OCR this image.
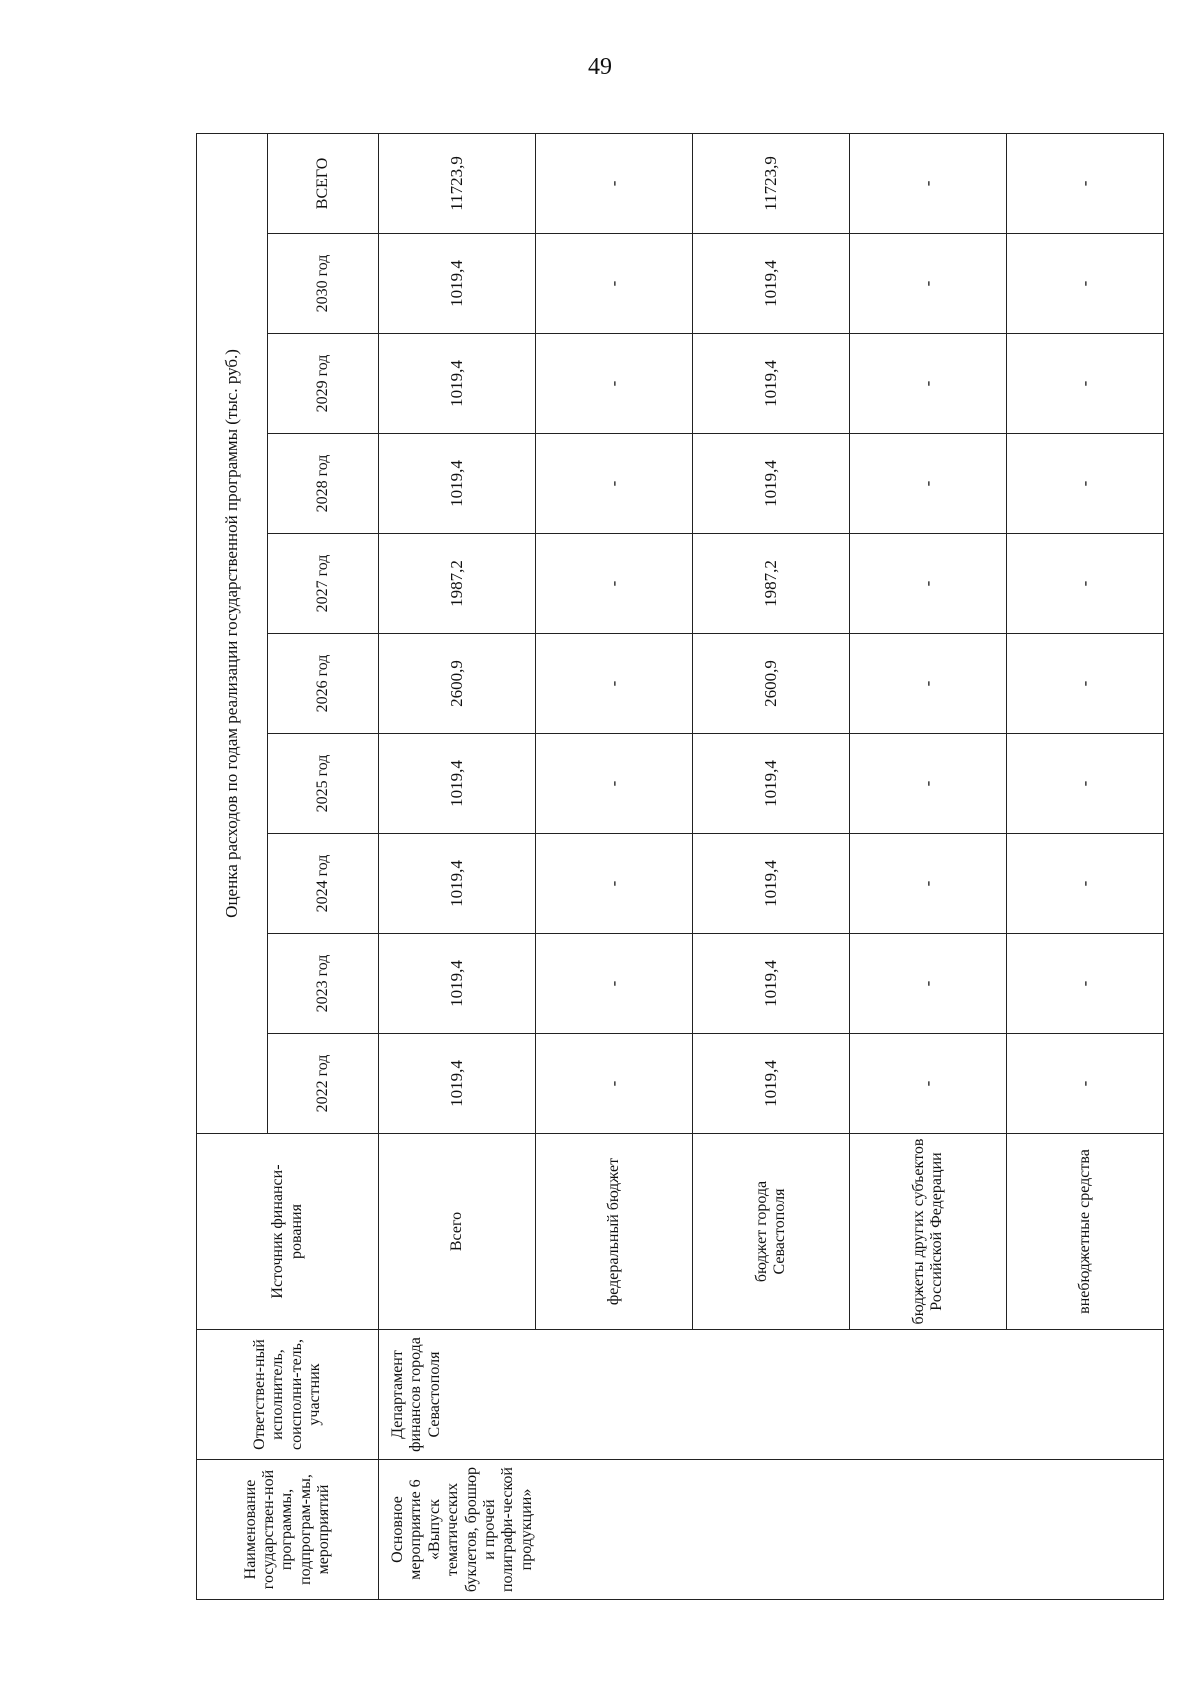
49
Наименование государствен-ной программы, подпрограм-мы, мероприятий	Ответствен-ный исполнитель, соисполни-тель, участник	Источник финанси-рования	Оценка расходов по годам реализации государственной программы (тыс. руб.)									
			2022 год	2023 год	2024 год	2025 год	2026 год	2027 год	2028 год	2029 год	2030 год	ВСЕГО
Основное мероприятие 6 «Выпуск тематических буклетов, брошюр и прочей полиграфи-ческой продукции»	Департамент финансов города Севастополя	Всего	1019,4	1019,4	1019,4	1019,4	2600,9	1987,2	1019,4	1019,4	1019,4	11723,9
		федеральный бюджет	-	-	-	-	-	-	-	-	-	-
		бюджет города Севастополя	1019,4	1019,4	1019,4	1019,4	2600,9	1987,2	1019,4	1019,4	1019,4	11723,9
		бюджеты других субъектов Российской Федерации	-	-	-	-	-	-	-	-	-	-
		внебюджетные средства	-	-	-	-	-	-	-	-	-	-
